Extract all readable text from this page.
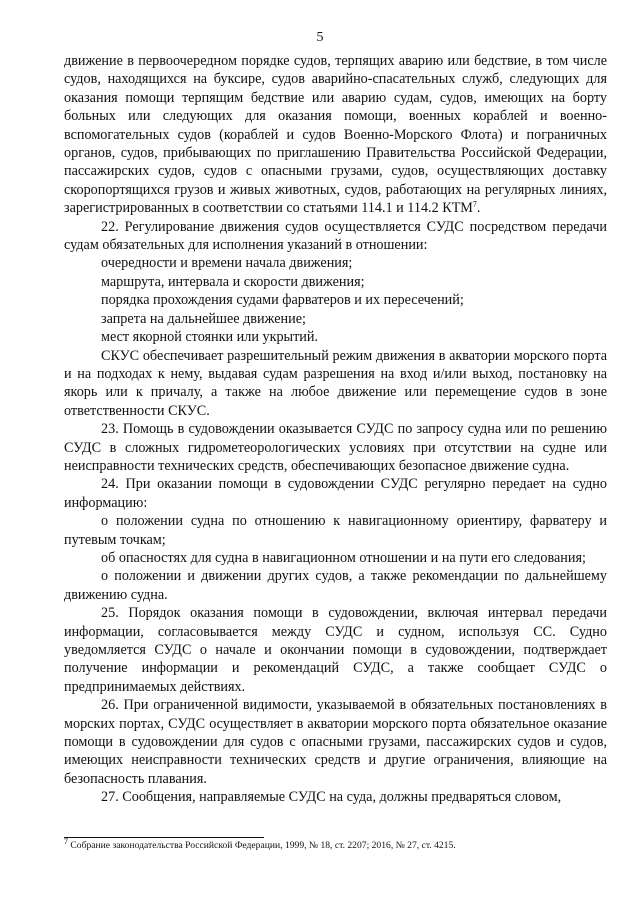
5

движение в первоочередном порядке судов, терпящих аварию или бедствие, в том числе судов, находящихся на буксире, судов аварийно-спасательных служб, следующих для оказания помощи терпящим бедствие или аварию судам, судов, имеющих на борту больных или следующих для оказания помощи, военных кораблей и военно-вспомогательных судов (кораблей и судов Военно-Морского Флота) и пограничных органов, судов, прибывающих по приглашению Правительства Российской Федерации, пассажирских судов, судов с опасными грузами, судов, осуществляющих доставку скоропортящихся грузов и живых животных, судов, работающих на регулярных линиях, зарегистрированных в соответствии со статьями 114.1 и 114.2 КТМ$^7$.

22. Регулирование движения судов осуществляется СУДС посредством передачи судам обязательных для исполнения указаний в отношении:

очередности и времени начала движения;

маршрута, интервала и скорости движения;

порядка прохождения судами фарватеров и их пересечений;

запрета на дальнейшее движение;

мест якорной стоянки или укрытий.

СКУС обеспечивает разрешительный режим движения в акватории морского порта и на подходах к нему, выдавая судам разрешения на вход и/или выход, постановку на якорь или к причалу, а также на любое движение или перемещение судов в зоне ответственности СКУС.

23. Помощь в судовождении оказывается СУДС по запросу судна или по решению СУДС в сложных гидрометеорологических условиях при отсутствии на судне или неисправности технических средств, обеспечивающих безопасное движение судна.

24. При оказании помощи в судовождении СУДС регулярно передает на судно информацию:

о положении судна по отношению к навигационному ориентиру, фарватеру и путевым точкам;

об опасностях для судна в навигационном отношении и на пути его следования;

о положении и движении других судов, а также рекомендации по дальнейшему движению судна.

25. Порядок оказания помощи в судовождении, включая интервал передачи информации, согласовывается между СУДС и судном, используя СС. Судно уведомляется СУДС о начале и окончании помощи в судовождении, подтверждает получение информации и рекомендаций СУДС, а также сообщает СУДС о предпринимаемых действиях.

26. При ограниченной видимости, указываемой в обязательных постановлениях в морских портах, СУДС осуществляет в акватории морского порта обязательное оказание помощи в судовождении для судов с опасными грузами, пассажирских судов и судов, имеющих неисправности технических средств и другие ограничения, влияющие на безопасность плавания.

27. Сообщения, направляемые СУДС на суда, должны предваряться словом,

$^7$ Собрание законодательства Российской Федерации, 1999, № 18, ст. 2207; 2016, № 27, ст. 4215.
